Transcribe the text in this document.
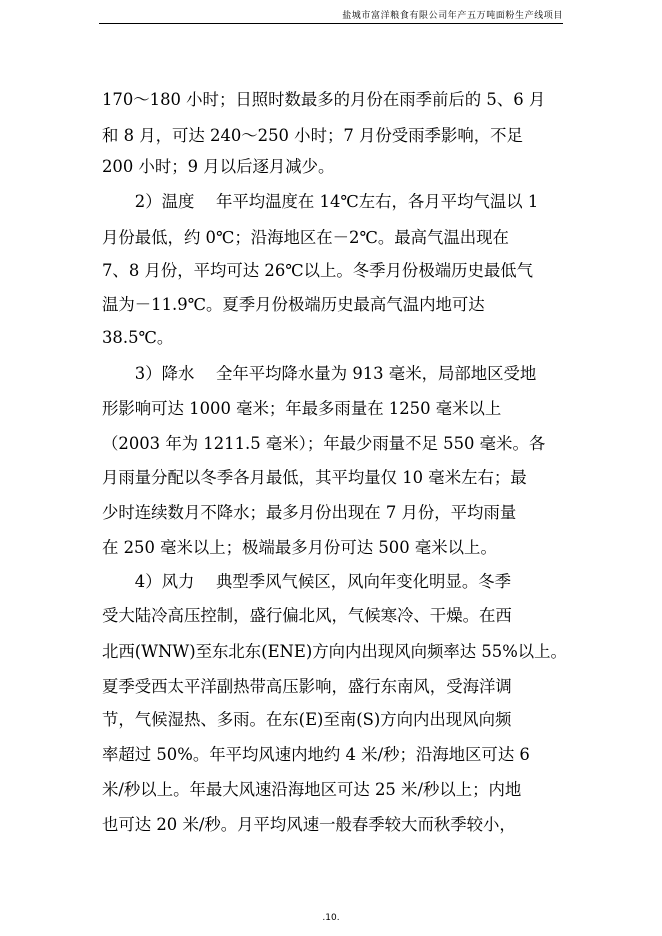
盐城市富洋粮食有限公司年产五万吨面粉生产线项目
170～180 小时；日照时数最多的月份在雨季前后的 5、6 月
和 8 月，可达 240～250 小时；7 月份受雨季影响，不足
200 小时；9 月以后逐月减少。
　　2）温度　 年平均温度在 14℃左右，各月平均气温以 1
月份最低，约 0℃；沿海地区在－2℃。最高气温出现在
7、8 月份，平均可达 26℃以上。冬季月份极端历史最低气
温为－11.9℃。夏季月份极端历史最高气温内地可达
38.5℃。
　　3）降水　 全年平均降水量为 913 毫米，局部地区受地
形影响可达 1000 毫米；年最多雨量在 1250 毫米以上
（2003 年为 1211.5 毫米）；年最少雨量不足 550 毫米。各
月雨量分配以冬季各月最低，其平均量仅 10 毫米左右；最
少时连续数月不降水；最多月份出现在 7 月份，平均雨量
在 250 毫米以上；极端最多月份可达 500 毫米以上。
　　4）风力　 典型季风气候区，风向年变化明显。冬季
受大陆冷高压控制，盛行偏北风，气候寒冷、干燥。在西
北西(WNW)至东北东(ENE)方向内出现风向频率达 55%以上。
夏季受西太平洋副热带高压影响，盛行东南风，受海洋调
节，气候湿热、多雨。在东(E)至南(S)方向内出现风向频
率超过 50%。年平均风速内地约 4 米/秒；沿海地区可达 6
米/秒以上。年最大风速沿海地区可达 25 米/秒以上；内地
也可达 20 米/秒。月平均风速一般春季较大而秋季较小，
.10.
